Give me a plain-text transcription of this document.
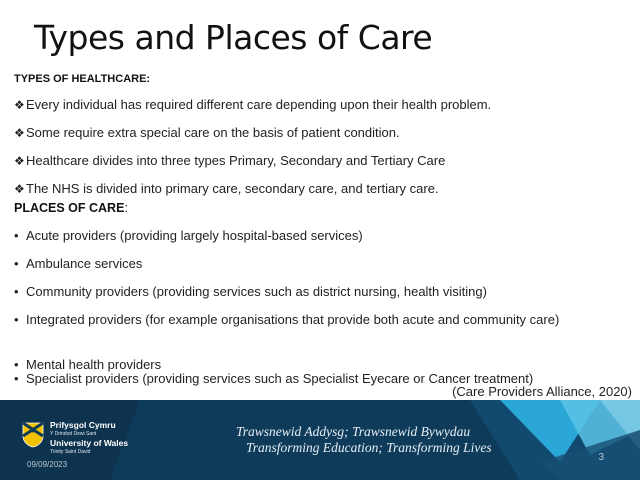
Types and Places of Care
TYPES OF HEALTHCARE:
❖Every individual has required different care depending upon their health problem.
❖Some require extra special care on the basis of patient condition.
❖Healthcare divides into three types Primary, Secondary and Tertiary Care
❖The NHS is divided into primary care, secondary care, and tertiary care.
PLACES OF CARE:
• Acute providers (providing largely hospital-based services)
• Ambulance services
• Community providers (providing services such as district nursing, health visiting)
• Integrated providers (for example organisations that provide both acute and community care)
• Mental health providers
• Specialist providers (providing services such as Specialist Eyecare or Cancer treatment)
(Care Providers Alliance, 2020)
Prifysgol Cymru
Y Drindod Dewi Sant
University of Wales
Trinity Saint David
Trawsnewid Addysg; Trawsnewid Bywydau
Transforming Education; Transforming Lives
09/09/2023
3
